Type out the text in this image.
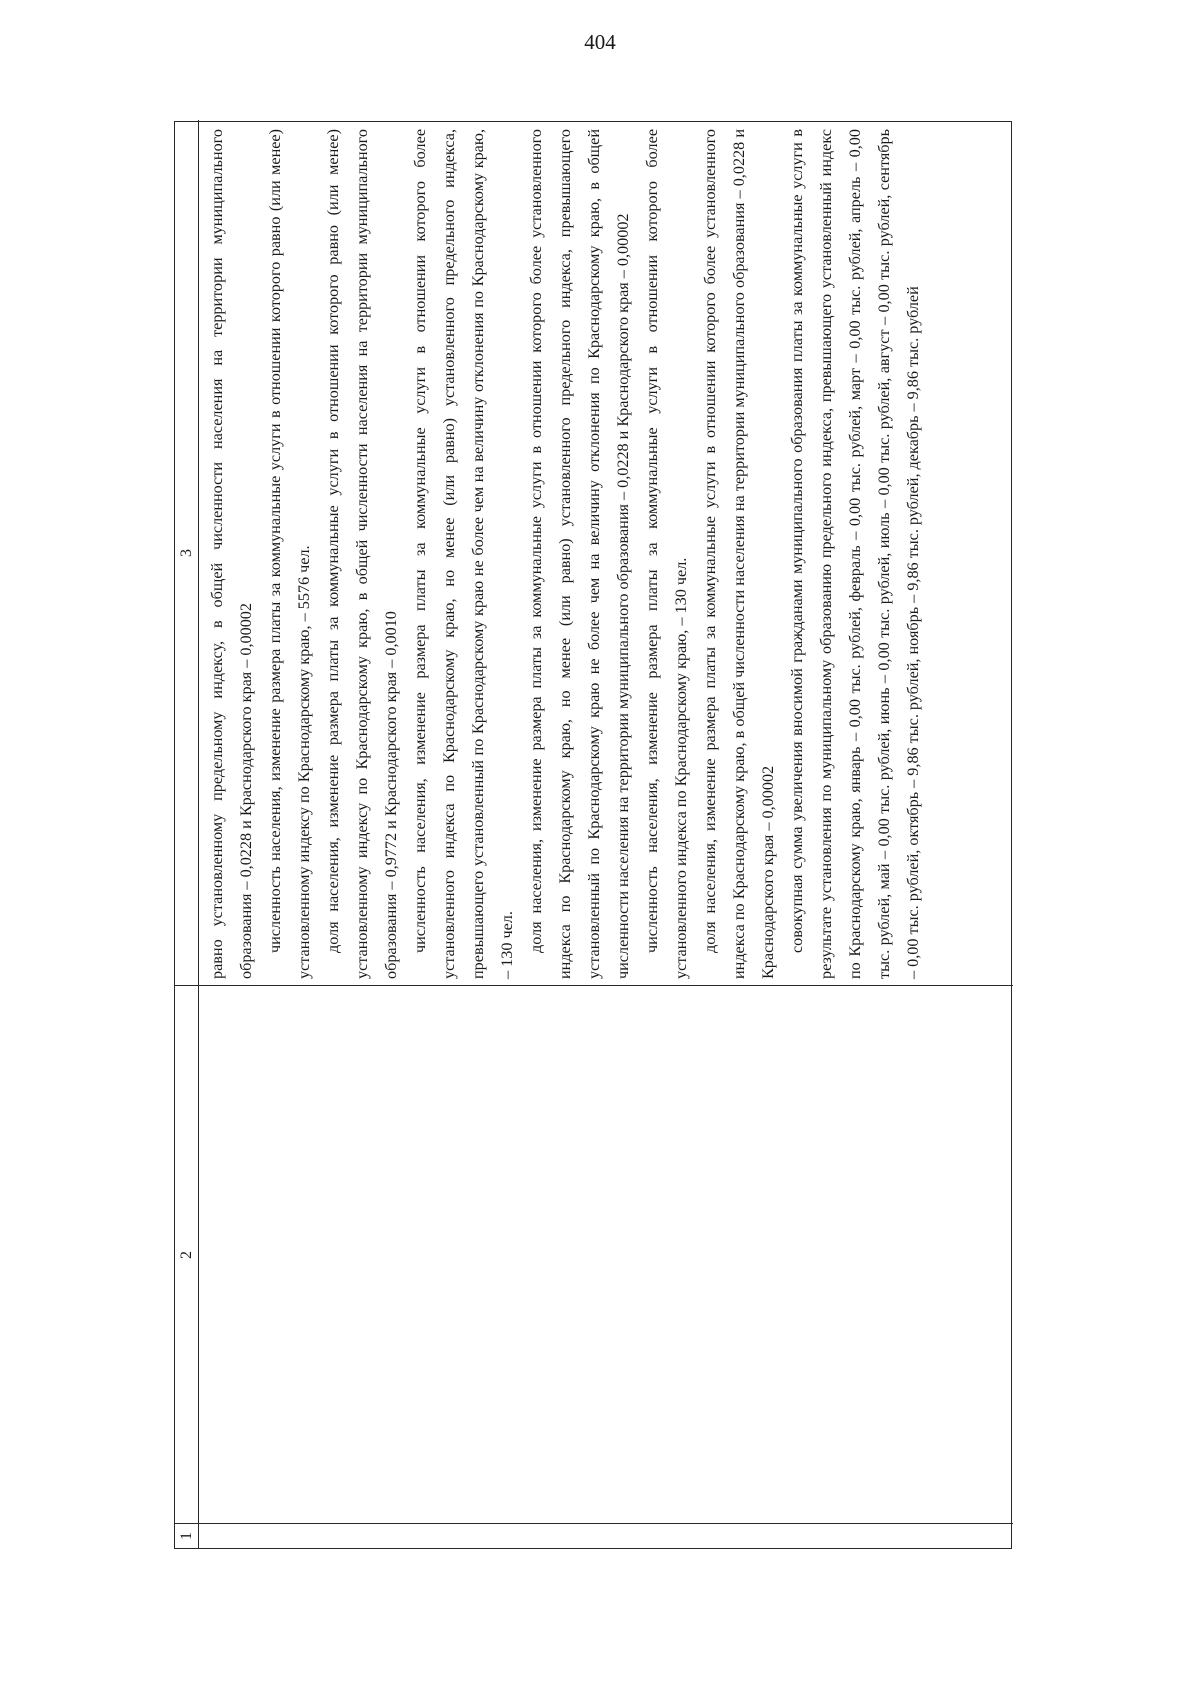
404
1
2
3 равно установленному предельному индексу, в общей численности населения на территории муниципального образования – 0,0228 и Краснодарского края – 0,00002 численность населения, изменение размера платы за коммунальные услуги в отношении которого равно (или менее) установленному индексу по Краснодарскому краю, – 5576 чел. доля населения, изменение размера платы за коммунальные услуги в отношении которого равно (или менее) установленному индексу по Краснодарскому краю, в общей численности населения на территории муниципального образования – 0,9772 и Краснодарского края – 0,0010 численность населения, изменение размера платы за коммунальные услуги в отношении которого более установленного индекса по Краснодарскому краю, но менее (или равно) установленного предельного индекса, превышающего установленный по Краснодарскому краю не более чем на величину отклонения по Краснодарскому краю, – 130 чел. доля населения, изменение размера платы за коммунальные услуги в отношении которого более установленного индекса по Краснодарскому краю, но менее (или равно) установленного предельного индекса, превышающего установленный по Краснодарскому краю не более чем на величину отклонения по Краснодарскому краю, в общей численности населения на территории муниципального образования – 0,0228 и Краснодарского края – 0,00002 численность населения, изменение размера платы за коммунальные услуги в отношении которого более установленного индекса по Краснодарскому краю, – 130 чел. доля населения, изменение размера платы за коммунальные услуги в отношении которого более установленного индекса по Краснодарскому краю, в общей численности населения на территории муниципального образования – 0,0228 и Краснодарского края – 0,00002 совокупная сумма увеличения вносимой гражданами муниципального образования платы за коммунальные услуги в результате установления по муниципальному образованию предельного индекса, превышающего установленный индекс по Краснодарскому краю, январь – 0,00 тыс. рублей, февраль – 0,00 тыс. рублей, март – 0,00 тыс. рублей, апрель – 0,00 тыс. рублей, май – 0,00 тыс. рублей, июнь – 0,00 тыс. рублей, июль – 0,00 тыс. рублей, август – 0,00 тыс. рублей, сентябрь – 0,00 тыс. рублей, октябрь – 9,86 тыс. рублей, ноябрь – 9,86 тыс. рублей, декабрь – 9,86 тыс. рублей
